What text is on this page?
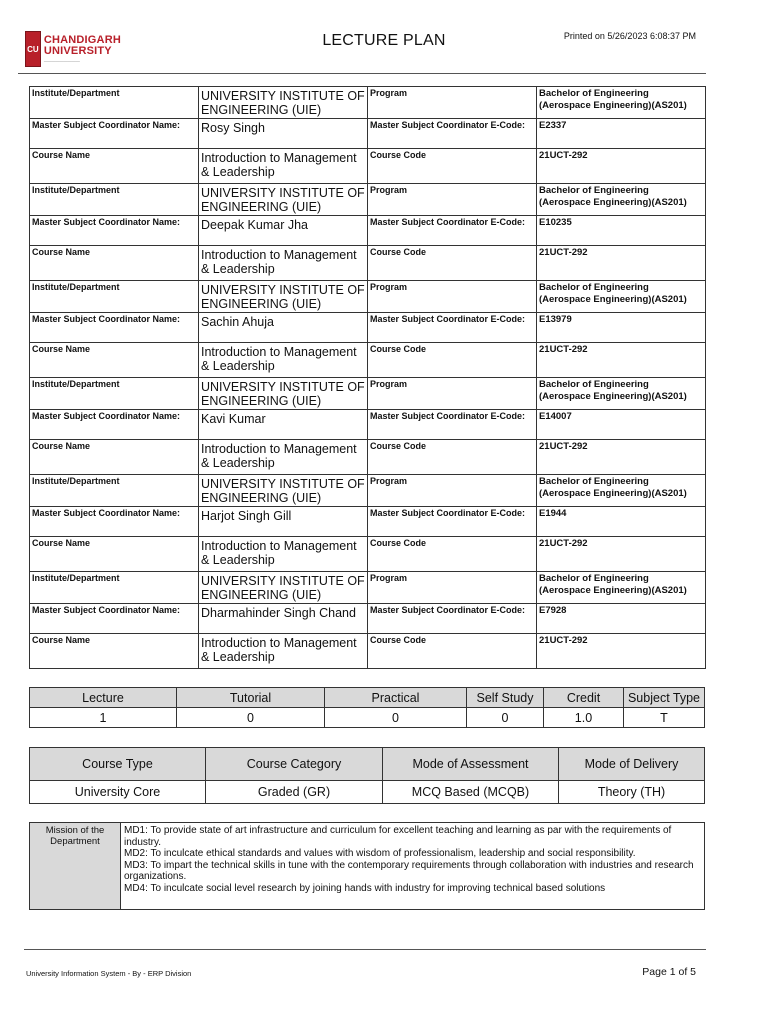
CU
CHANDIGARH
UNIVERSITY
—————————
LECTURE PLAN	Printed on 5/26/2023 6:08:37 PM
Institute/Department	UNIVERSITY INSTITUTE OF ENGINEERING (UIE)	Program	Bachelor of Engineering (Aerospace Engineering)(AS201)
Master Subject Coordinator Name:	Rosy Singh	Master Subject Coordinator E-Code:	E2337
Course Name	Introduction to Management & Leadership	Course Code	21UCT-292
Institute/Department	UNIVERSITY INSTITUTE OF ENGINEERING (UIE)	Program	Bachelor of Engineering (Aerospace Engineering)(AS201)
Master Subject Coordinator Name:	Deepak Kumar Jha	Master Subject Coordinator E-Code:	E10235
Course Name	Introduction to Management & Leadership	Course Code	21UCT-292
Institute/Department	UNIVERSITY INSTITUTE OF ENGINEERING (UIE)	Program	Bachelor of Engineering (Aerospace Engineering)(AS201)
Master Subject Coordinator Name:	Sachin Ahuja	Master Subject Coordinator E-Code:	E13979
Course Name	Introduction to Management & Leadership	Course Code	21UCT-292
Institute/Department	UNIVERSITY INSTITUTE OF ENGINEERING (UIE)	Program	Bachelor of Engineering (Aerospace Engineering)(AS201)
Master Subject Coordinator Name:	Kavi Kumar	Master Subject Coordinator E-Code:	E14007
Course Name	Introduction to Management & Leadership	Course Code	21UCT-292
Institute/Department	UNIVERSITY INSTITUTE OF ENGINEERING (UIE)	Program	Bachelor of Engineering (Aerospace Engineering)(AS201)
Master Subject Coordinator Name:	Harjot Singh Gill	Master Subject Coordinator E-Code:	E1944
Course Name	Introduction to Management & Leadership	Course Code	21UCT-292
Institute/Department	UNIVERSITY INSTITUTE OF ENGINEERING (UIE)	Program	Bachelor of Engineering (Aerospace Engineering)(AS201)
Master Subject Coordinator Name:	Dharmahinder Singh Chand	Master Subject Coordinator E-Code:	E7928
Course Name	Introduction to Management & Leadership	Course Code	21UCT-292
Lecture	Tutorial	Practical	Self Study	Credit	Subject Type
1	0	0	0	1.0	T
Course Type	Course Category	Mode of Assessment	Mode of Delivery
University Core	Graded (GR)	MCQ Based (MCQB)	Theory (TH)
Mission of the Department	
MD1: To provide state of art infrastructure and curriculum for excellent teaching and learning as par with the requirements of industry.
MD2: To inculcate ethical standards and values with wisdom of professionalism, leadership and social responsibility.
MD3: To impart the technical skills in tune with the contemporary requirements through collaboration with industries and research organizations.
MD4: To inculcate social level research by joining hands with industry for improving technical based solutions
University Information System - By - ERP Division	Page 1 of 5
